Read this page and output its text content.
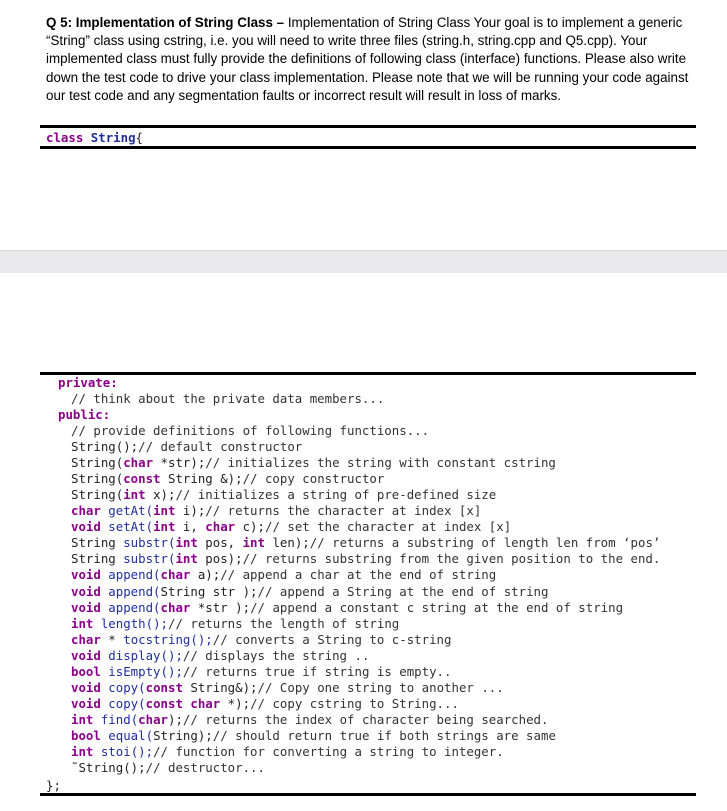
Q 5: Implementation of String Class – Implementation of String Class Your goal is to implement a generic “String” class using cstring, i.e. you will need to write three files (string.h, string.cpp and Q5.cpp). Your implemented class must fully provide the definitions of following class (interface) functions. Please also write down the test code to drive your class implementation. Please note that we will be running your code against our test code and any segmentation faults or incorrect result will result in loss of marks.
class String{

private:

// think about the private data members...

public:

// provide definitions of following functions...
String();// default constructor
String(char *str);// initializes the string with constant cstring
String(const String &);// copy constructor
String(int x);// initializes a string of pre-defined size
char getAt(int i);// returns the character at index [x]
void setAt(int i, char c);// set the character at index [x]
String substr(int pos, int len);// returns a substring of length len from ‘pos’
String substr(int pos);// returns substring from the given position to the end.
void append(char a);// append a char at the end of string
void append(String str );// append a String at the end of string
void append(char *str );// append a constant c string at the end of string
int length();// returns the length of string
char * tocstring();// converts a String to c-string
void display();// displays the string ..
bool isEmpty();// returns true if string is empty..
void copy(const String&);// Copy one string to another ...
void copy(const char *);// copy cstring to String...
int find(char);// returns the index of character being searched.
bool equal(String);// should return true if both strings are same
int stoi();// function for converting a string to integer.
˜String();// destructor...

};
